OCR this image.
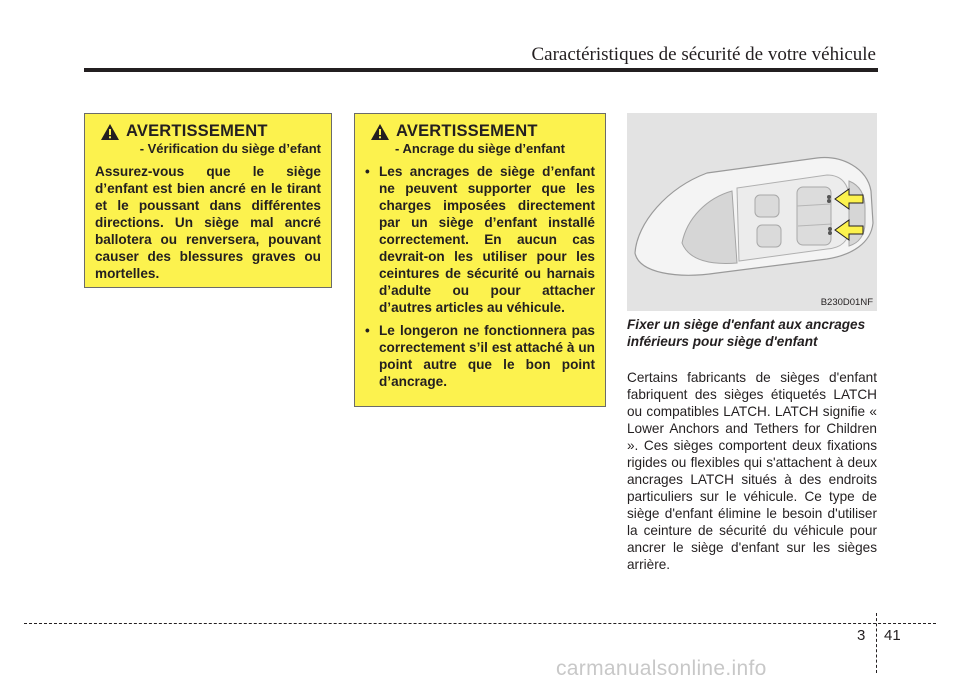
Caractéristiques de sécurité de votre véhicule
AVERTISSEMENT
- Vérification du siège d’efant

Assurez-vous que le siège d’enfant est bien ancré en le tirant et le poussant dans différentes directions. Un siège mal ancré ballotera ou renversera, pouvant causer des blessures graves ou mortelles.

AVERTISSEMENT
- Ancrage du siège d’enfant
• Les ancrages de siège d’enfant ne peuvent supporter que les charges imposées directement par un siège d’enfant installé correctement. En aucun cas devrait-on les utiliser pour les ceintures de sécurité ou harnais d’adulte ou pour attacher d’autres articles au véhicule.
• Le longeron ne fonctionnera pas correctement s’il est attaché à un point autre que le bon point d’ancrage.
B230D01NF
Fixer un siège d'enfant aux ancrages inférieurs pour siège d'enfant

Certains fabricants de sièges d'enfant fabriquent des sièges étiquetés LATCH ou compatibles LATCH. LATCH signifie « Lower Anchors and Tethers for Children ». Ces sièges comportent deux fixations rigides ou flexibles qui s'attachent à deux ancrages LATCH situés à des endroits particuliers sur le véhicule. Ce type de siège d'enfant élimine le besoin d'utiliser la ceinture de sécurité du véhicule pour ancrer le siège d'enfant sur les sièges arrière.

3 41
carmanualsonline.info
